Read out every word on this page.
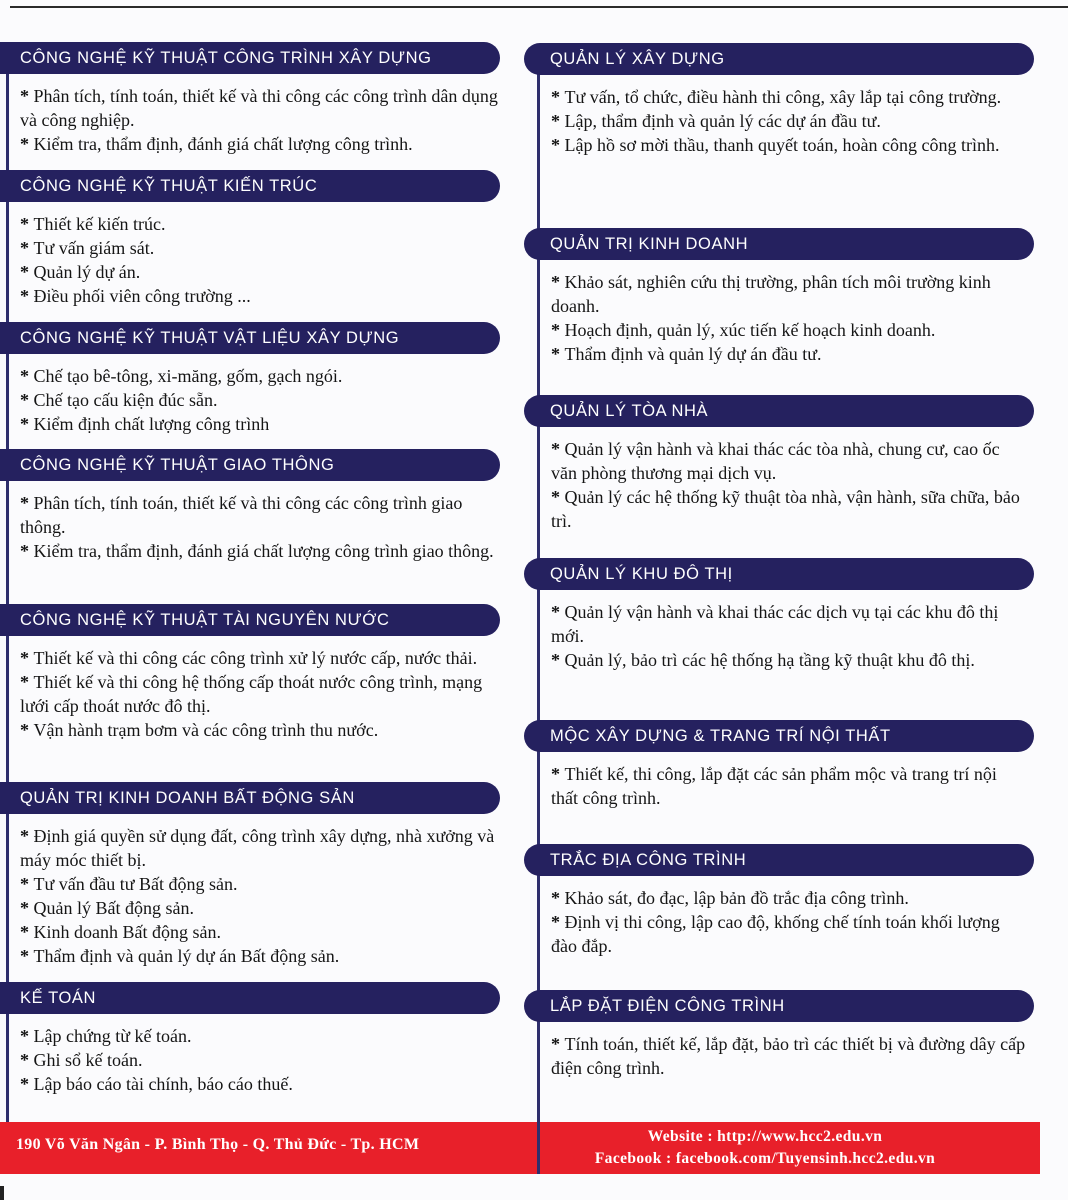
CÔNG NGHỆ KỸ THUẬT CÔNG TRÌNH XÂY DỰNG
* Phân tích, tính toán, thiết kế và thi công các công trình dân dụng và công nghiệp.
* Kiểm tra, thẩm định, đánh giá chất lượng công trình.
CÔNG NGHỆ KỸ THUẬT KIẾN TRÚC
* Thiết kế kiến trúc.
* Tư vấn giám sát.
* Quản lý dự án.
* Điều phối viên công trường ...
CÔNG NGHỆ KỸ THUẬT VẬT LIỆU XÂY DỰNG
* Chế tạo bê-tông, xi-măng, gốm, gạch ngói.
* Chế tạo cấu kiện đúc sẵn.
* Kiểm định chất lượng công trình
CÔNG NGHỆ KỸ THUẬT GIAO THÔNG
* Phân tích, tính toán, thiết kế và thi công các công trình giao thông.
* Kiểm tra, thẩm định, đánh giá chất lượng công trình giao thông.
CÔNG NGHỆ KỸ THUẬT TÀI NGUYÊN NƯỚC
* Thiết kế và thi công các công trình xử lý nước cấp, nước thải.
* Thiết kế và thi công hệ thống cấp thoát nước công trình, mạng lưới cấp thoát nước đô thị.
* Vận hành trạm bơm và các công trình thu nước.
QUẢN TRỊ KINH DOANH BẤT ĐỘNG SẢN
* Định giá quyền sử dụng đất, công trình xây dựng, nhà xưởng và máy móc thiết bị.
* Tư vấn đầu tư Bất động sản.
* Quản lý Bất động sản.
* Kinh doanh Bất động sản.
* Thẩm định và quản lý dự án Bất động sản.
KẾ TOÁN
* Lập chứng từ kế toán.
* Ghi sổ kế toán.
* Lập báo cáo tài chính, báo cáo thuế.
QUẢN LÝ XÂY DỰNG
* Tư vấn, tổ chức, điều hành thi công, xây lắp tại công trường.
* Lập, thẩm định và quản lý các dự án đầu tư.
* Lập hồ sơ mời thầu, thanh quyết toán, hoàn công công trình.
QUẢN TRỊ KINH DOANH
* Khảo sát, nghiên cứu thị trường, phân tích môi trường kinh doanh.
* Hoạch định, quản lý, xúc tiến kế hoạch kinh doanh.
* Thẩm định và quản lý dự án đầu tư.
QUẢN LÝ TÒA NHÀ
* Quản lý vận hành và khai thác các tòa nhà, chung cư, cao ốc văn phòng thương mại dịch vụ.
* Quản lý các hệ thống kỹ thuật tòa nhà, vận hành, sữa chữa, bảo trì.
QUẢN LÝ KHU ĐÔ THỊ
* Quản lý vận hành và khai thác các dịch vụ tại các khu đô thị mới.
* Quản lý, bảo trì các hệ thống hạ tầng kỹ thuật khu đô thị.
MỘC XÂY DỰNG & TRANG TRÍ NỘI THẤT
* Thiết kế, thi công, lắp đặt các sản phẩm mộc và trang trí nội thất công trình.
TRẮC ĐỊA CÔNG TRÌNH
* Khảo sát, đo đạc, lập bản đồ trắc địa công trình.
* Định vị thi công, lập cao độ, khống chế tính toán khối lượng đào đắp.
LẮP ĐẶT ĐIỆN CÔNG TRÌNH
* Tính toán, thiết kế, lắp đặt, bảo trì các thiết bị và đường dây cấp điện công trình.
190 Võ Văn Ngân - P. Bình Thọ - Q. Thủ Đức - Tp. HCM	Website : http://www.hcc2.edu.vn
Facebook : facebook.com/Tuyensinh.hcc2.edu.vn
